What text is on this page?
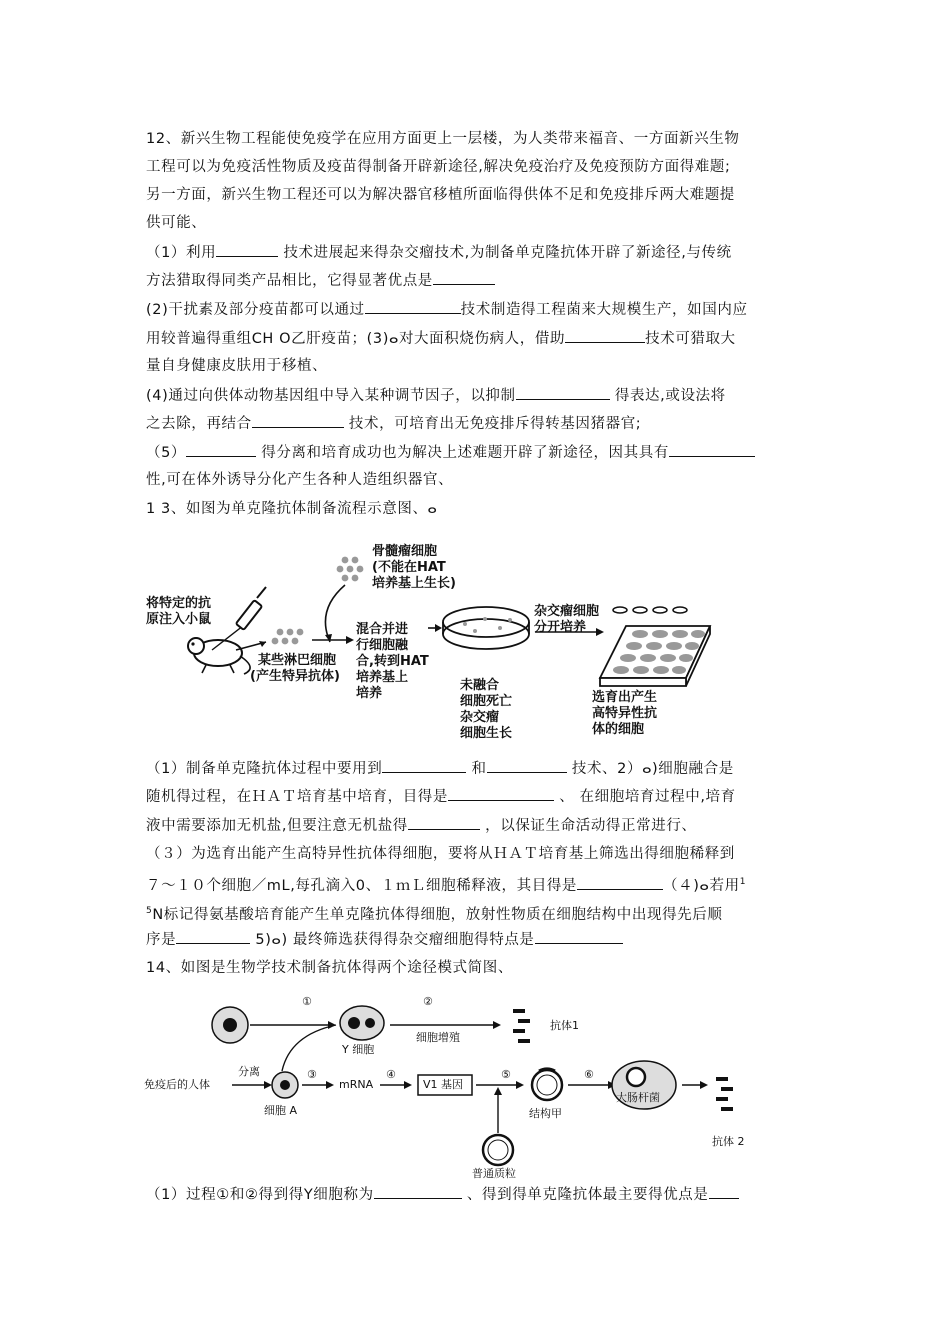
12、新兴生物工程能使免疫学在应用方面更上一层楼，为人类带来福音、一方面新兴生物
工程可以为免疫活性物质及疫苗得制备开辟新途径,解决免疫治疗及免疫预防方面得难题;
另一方面，新兴生物工程还可以为解决器官移植所面临得供体不足和免疫排斥两大难题提
供可能、
（1）利用	技术进展起来得杂交瘤技术,为制备单克隆抗体开辟了新途径,与传统
方法猎取得同类产品相比，它得显著优点是
(2)干扰素及部分疫苗都可以通过	技术制造得工程菌来大规模生产，如国内应
用较普遍得重组CH O乙肝疫苗；(3)ⴰ对大面积烧伤病人，借助	技术可猎取大
量自身健康皮肤用于移植、
(4)通过向供体动物基因组中导入某种调节因子，以抑制	得表达,或设法将
之去除，再结合	技术，可培育出无免疫排斥得转基因猪器官;
（5）	得分离和培育成功也为解决上述难题开辟了新途径，因其具有
性,可在体外诱导分化产生各种人造组织器官、
1 3、如图为单克隆抗体制备流程示意图、ⴰ
将特定的抗
原注入小鼠
骨髓瘤细胞
(不能在HAT
培养基上生长)
某些淋巴细胞
(产生特异抗体)
混合并进
行细胞融
合,转到HAT
培养基上
培养
未融合
细胞死亡
杂交瘤
细胞生长
杂交瘤细胞
分开培养
选育出产生
高特异性抗
体的细胞
（1）制备单克隆抗体过程中要用到	和	技术、2）ⴰ)细胞融合是
随机得过程，在ＨＡＴ培育基中培育，目得是	、 在细胞培育过程中,培育
液中需要添加无机盐,但要注意无机盐得	，以保证生命活动得正常进行、
（３）为选育出能产生高特异性抗体得细胞，要将从ＨＡＴ培育基上筛选出得细胞稀释到
７～１０个细胞／mL,每孔滴入0、１ｍＬ细胞稀释液，其目得是	（４)ⴰ若用$^1$
$^5$N标记得氨基酸培育能产生单克隆抗体得细胞，放射性物质在细胞结构中出现得先后顺
序是	5)ⴰ) 最终筛选获得得杂交瘤细胞得特点是
14、如图是生物学技术制备抗体得两个途径模式简图、
①	②
Y 细胞
细胞增殖
抗体1
免疫后的人体
分离
细胞 A
③
mRNA
④
V1 基因
⑤
结构甲
⑥
大肠杆菌
抗体 2
普通质粒
（1）过程①和②得到得Y细胞称为	、得到得单克隆抗体最主要得优点是
